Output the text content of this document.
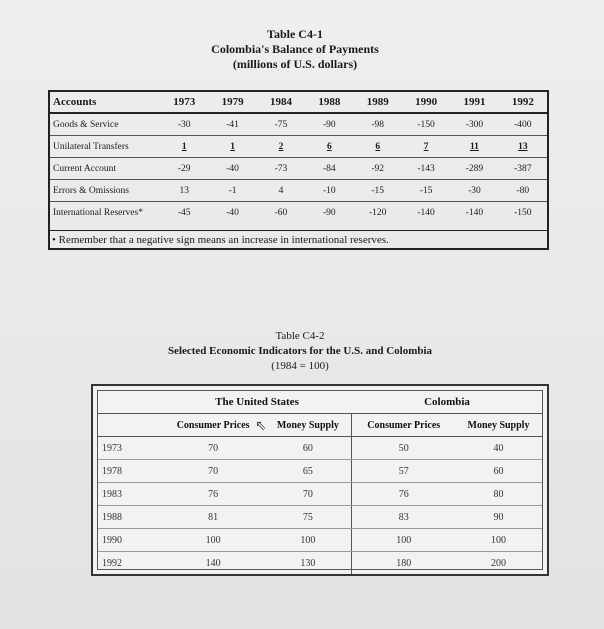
Table C4-1
Colombia's Balance of Payments
(millions of U.S. dollars)
Accounts	1973	1979	1984	1988	1989	1990	1991	1992
Goods & Service	-30	-41	-75	-90	-98	-150	-300	-400
Unilateral Transfers	1	1	2	6	6	7	11	13
Current Account	-29	-40	-73	-84	-92	-143	-289	-387
Errors & Omissions	13	-1	4	-10	-15	-15	-30	-80
International Reserves*	-45	-40	-60	-90	-120	-140	-140	-150
• Remember that a negative sign means an increase in international reserves.
Table C4-2
Selected Economic Indicators for the U.S. and Colombia
(1984 = 100)
	The United States		Colombia	
	Consumer Prices	Money Supply	Consumer Prices	Money Supply
1973	70	60	50	40
1978	70	65	57	60
1983	76	70	76	80
1988	81	75	83	90
1990	100	100	100	100
1992	140	130	180	200
⇖
